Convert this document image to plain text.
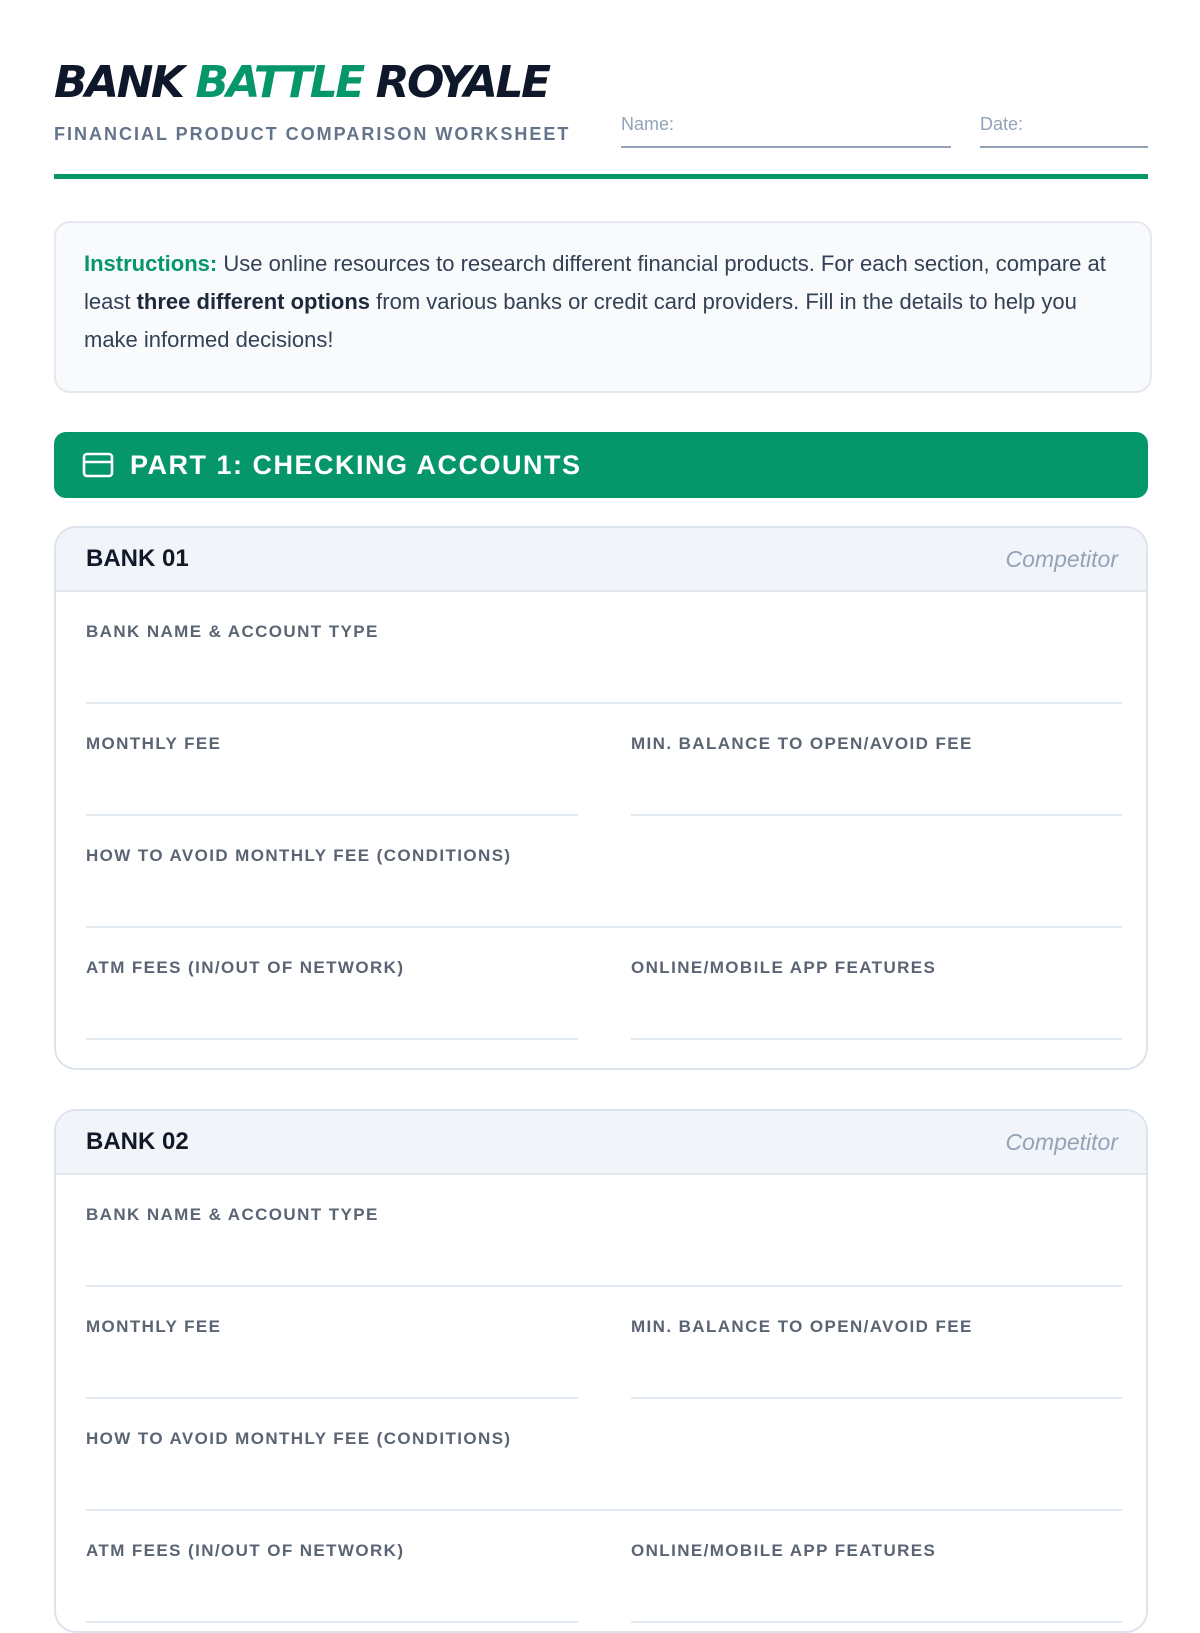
BANK BATTLE ROYALE
FINANCIAL PRODUCT COMPARISON WORKSHEET	Name:	Date:
Instructions: Use online resources to research different financial products. For each section, compare at least three different options from various banks or credit card providers. Fill in the details to help you make informed decisions!
PART 1: CHECKING ACCOUNTS
BANK 01	Competitor
BANK NAME & ACCOUNT TYPE
MONTHLY FEE	MIN. BALANCE TO OPEN/AVOID FEE
HOW TO AVOID MONTHLY FEE (CONDITIONS)
ATM FEES (IN/OUT OF NETWORK)	ONLINE/MOBILE APP FEATURES
BANK 02	Competitor
BANK NAME & ACCOUNT TYPE
MONTHLY FEE	MIN. BALANCE TO OPEN/AVOID FEE
HOW TO AVOID MONTHLY FEE (CONDITIONS)
ATM FEES (IN/OUT OF NETWORK)	ONLINE/MOBILE APP FEATURES
